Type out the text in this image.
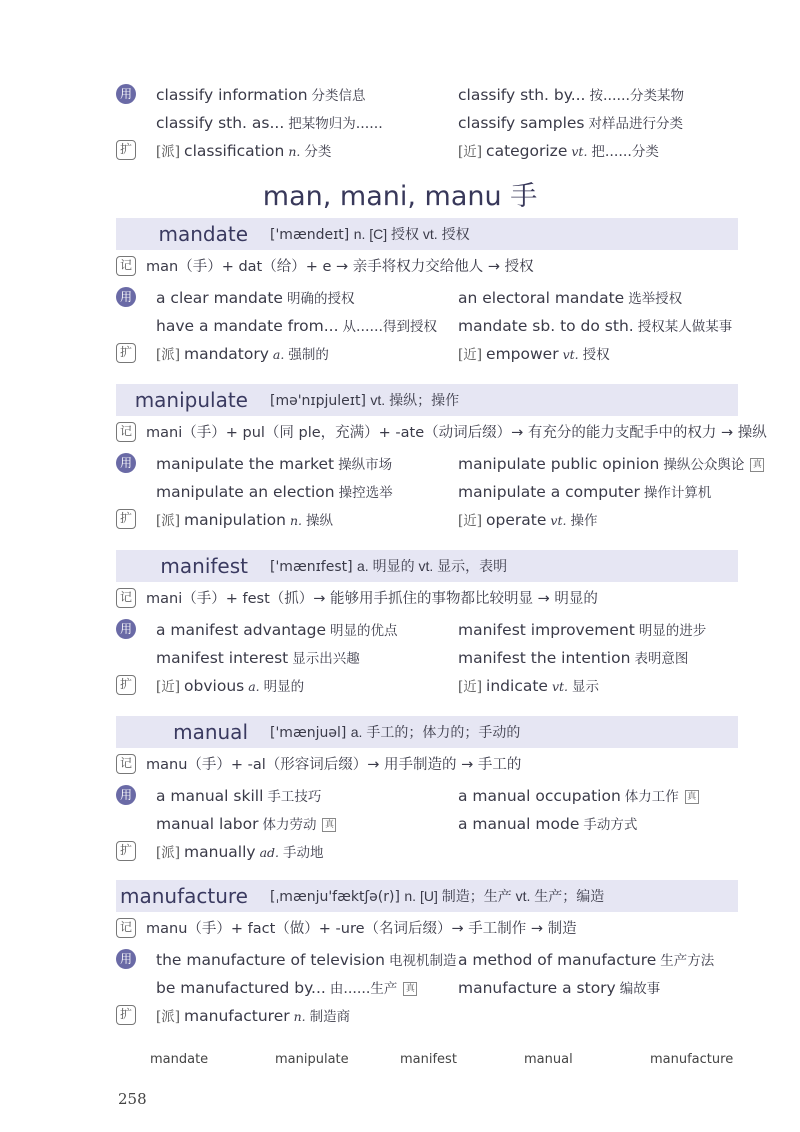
用 classify information 分类信息	classify sth. by... 按……分类某物
classify sth. as... 把某物归为……	classify samples 对样品进行分类
扩 [派] classification n. 分类	[近] categorize vt. 把……分类
man, mani, manu 手
mandate ['mændeɪt] n. [C] 授权 vt. 授权
记 man（手）+ dat（给）+ e → 亲手将权力交给他人 → 授权
用 a clear mandate 明确的授权	an electoral mandate 选举授权
have a mandate from... 从……得到授权 mandate sb. to do sth. 授权某人做某事
扩 [派] mandatory a. 强制的	[近] empower vt. 授权
manipulate [mə'nɪpjuleɪt] vt. 操纵；操作
记 mani（手）+ pul（同 ple，充满）+ -ate（动词后缀）→ 有充分的能力支配手中的权力 → 操纵
用 manipulate the market 操纵市场	manipulate public opinion 操纵公众舆论 真
manipulate an election 操控选举	manipulate a computer 操作计算机
扩 [派] manipulation n. 操纵	[近] operate vt. 操作
manifest ['mænɪfest] a. 明显的 vt. 显示，表明
记 mani（手）+ fest（抓）→ 能够用手抓住的事物都比较明显 → 明显的
用 a manifest advantage 明显的优点	manifest improvement 明显的进步
manifest interest 显示出兴趣	manifest the intention 表明意图
扩 [近] obvious a. 明显的	[近] indicate vt. 显示
manual ['mænjuəl] a. 手工的；体力的；手动的
记 manu（手）+ -al（形容词后缀）→ 用手制造的 → 手工的
用 a manual skill 手工技巧	a manual occupation 体力工作 真
manual labor 体力劳动 真	a manual mode 手动方式
扩 [派] manually ad. 手动地
manufacture [ˌmænju'fæktʃə(r)] n. [U] 制造；生产 vt. 生产；编造
记 manu（手）+ fact（做）+ -ure（名词后缀）→ 手工制作 → 制造
用 the manufacture of television 电视机制造 a method of manufacture 生产方法
be manufactured by... 由……生产 真	manufacture a story 编故事
扩 [派] manufacturer n. 制造商
mandate	manipulate	manifest	manual	manufacture
258
